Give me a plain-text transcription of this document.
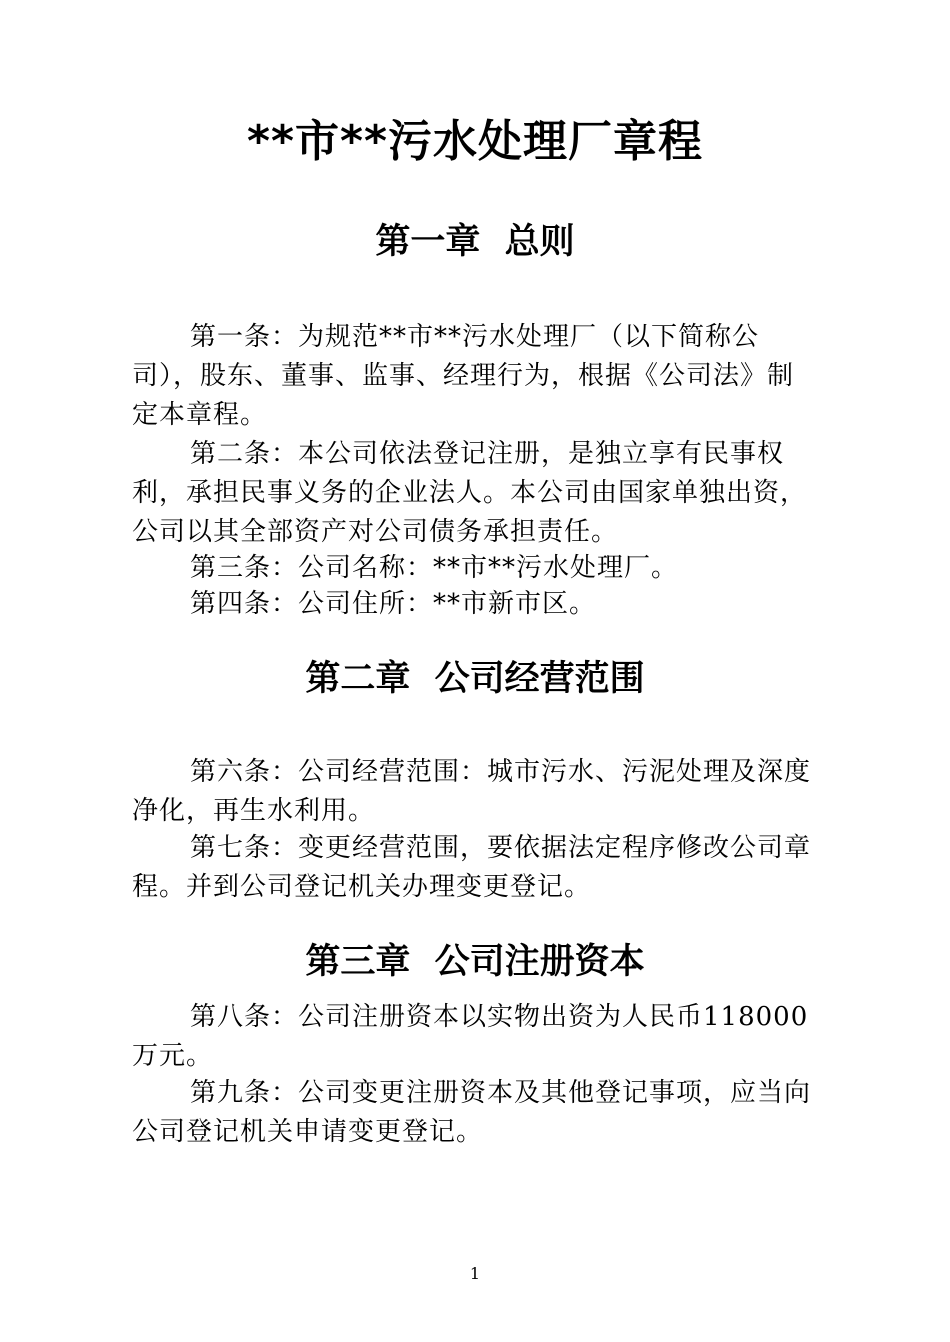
**市**污水处理厂章程
第一章  总则
第一条：为规范**市**污水处理厂（以下简称公司），股东、董事、监事、经理行为，根据《公司法》制定本章程。
第二条：本公司依法登记注册，是独立享有民事权利，承担民事义务的企业法人。本公司由国家单独出资，公司以其全部资产对公司债务承担责任。
第三条：公司名称：**市**污水处理厂。
第四条：公司住所：**市新市区。
第二章  公司经营范围
第六条：公司经营范围：城市污水、污泥处理及深度净化，再生水利用。
第七条：变更经营范围，要依据法定程序修改公司章程。并到公司登记机关办理变更登记。
第三章  公司注册资本
第八条：公司注册资本以实物出资为人民币118000 万元。
第九条：公司变更注册资本及其他登记事项，应当向公司登记机关申请变更登记。
1
